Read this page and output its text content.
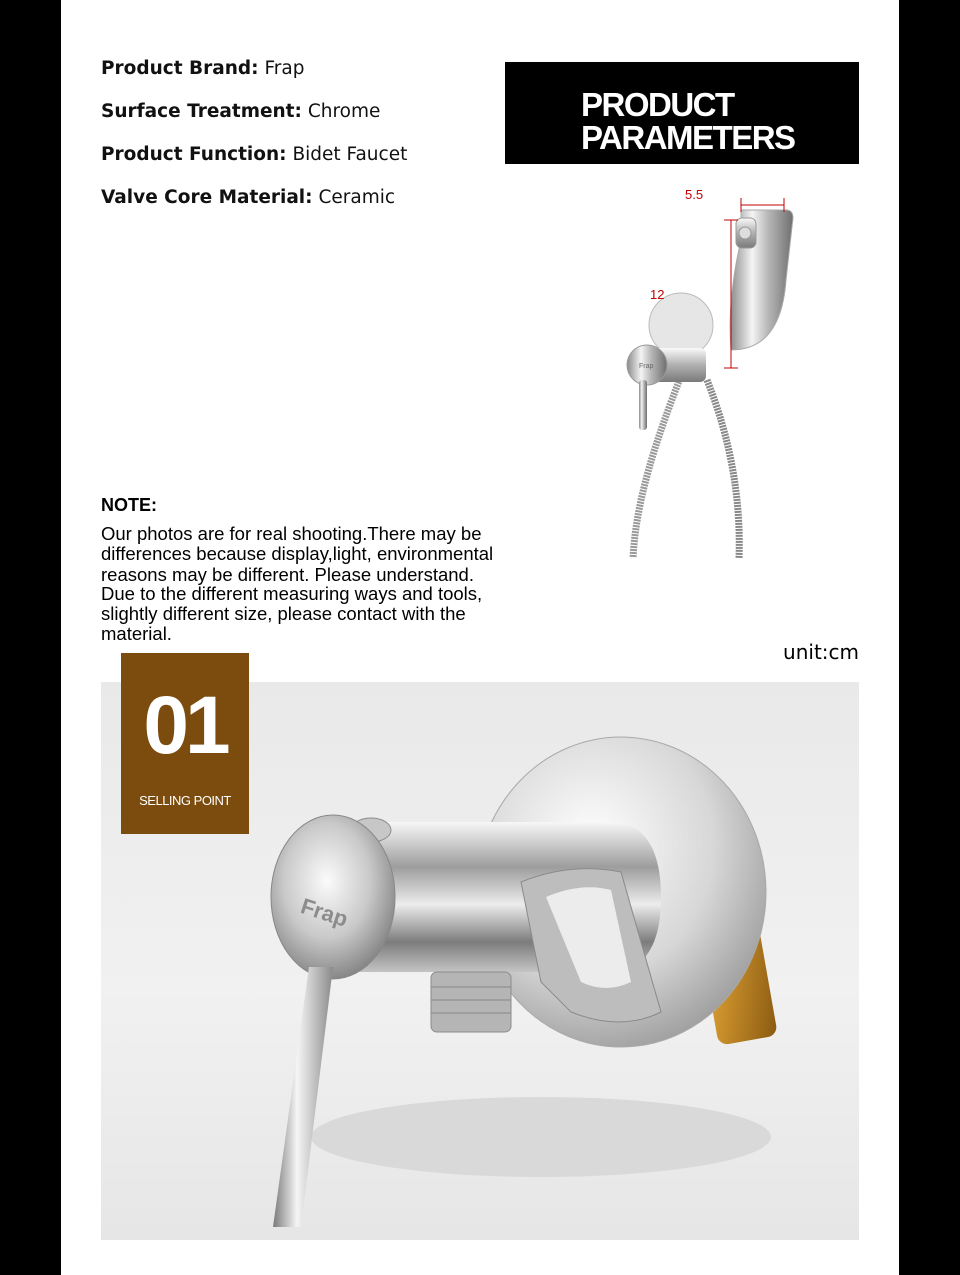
Product Brand: Frap
Surface Treatment: Chrome
Product Function: Bidet Faucet
Valve Core Material: Ceramic
PRODUCT
PARAMETERS
Frap
5.5
12
NOTE:
Our photos are for real shooting.There may be
differences because display,light, environmental
reasons may be different. Please understand.
Due to the different measuring ways and tools,
slightly different size, please contact with the
material.
unit:cm
Frap
01
SELLING POINT
